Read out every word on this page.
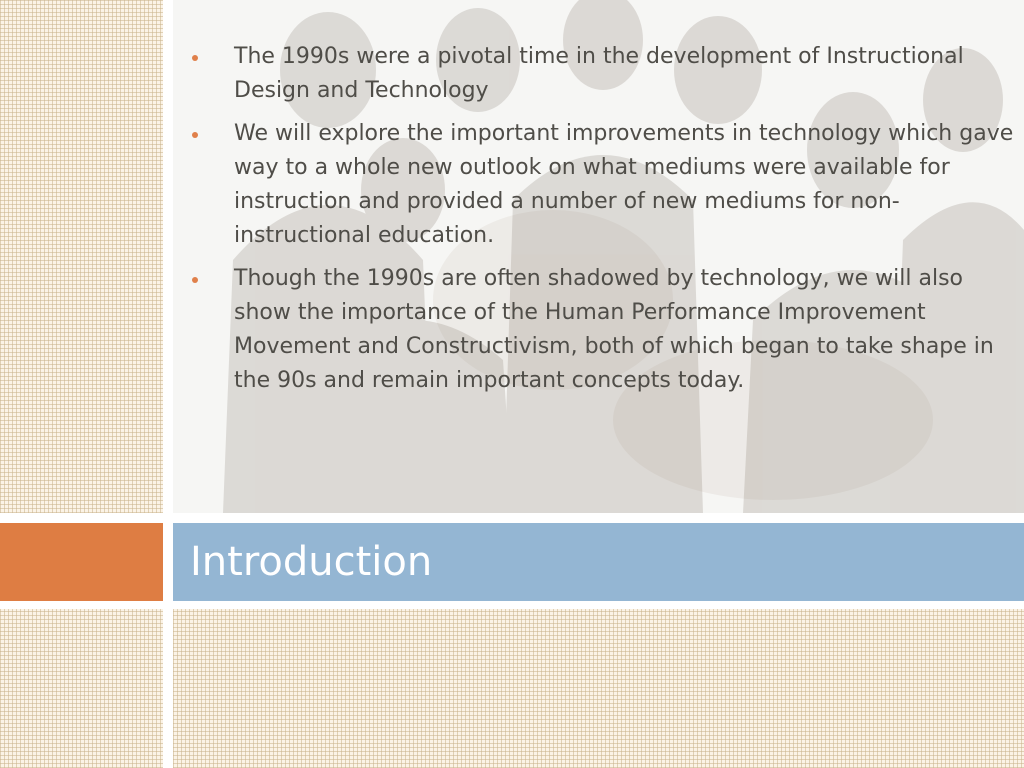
The 1990s were a pivotal time in the development of Instructional Design and Technology
We will explore the important improvements in technology which gave way to a whole new outlook on what mediums were available for instruction and provided a number of new mediums for non-instructional education.
Though the 1990s are often shadowed by technology, we will also show the importance of the Human Performance Improvement Movement and Constructivism, both of which began to take shape in the 90s and remain important concepts today.
Introduction
